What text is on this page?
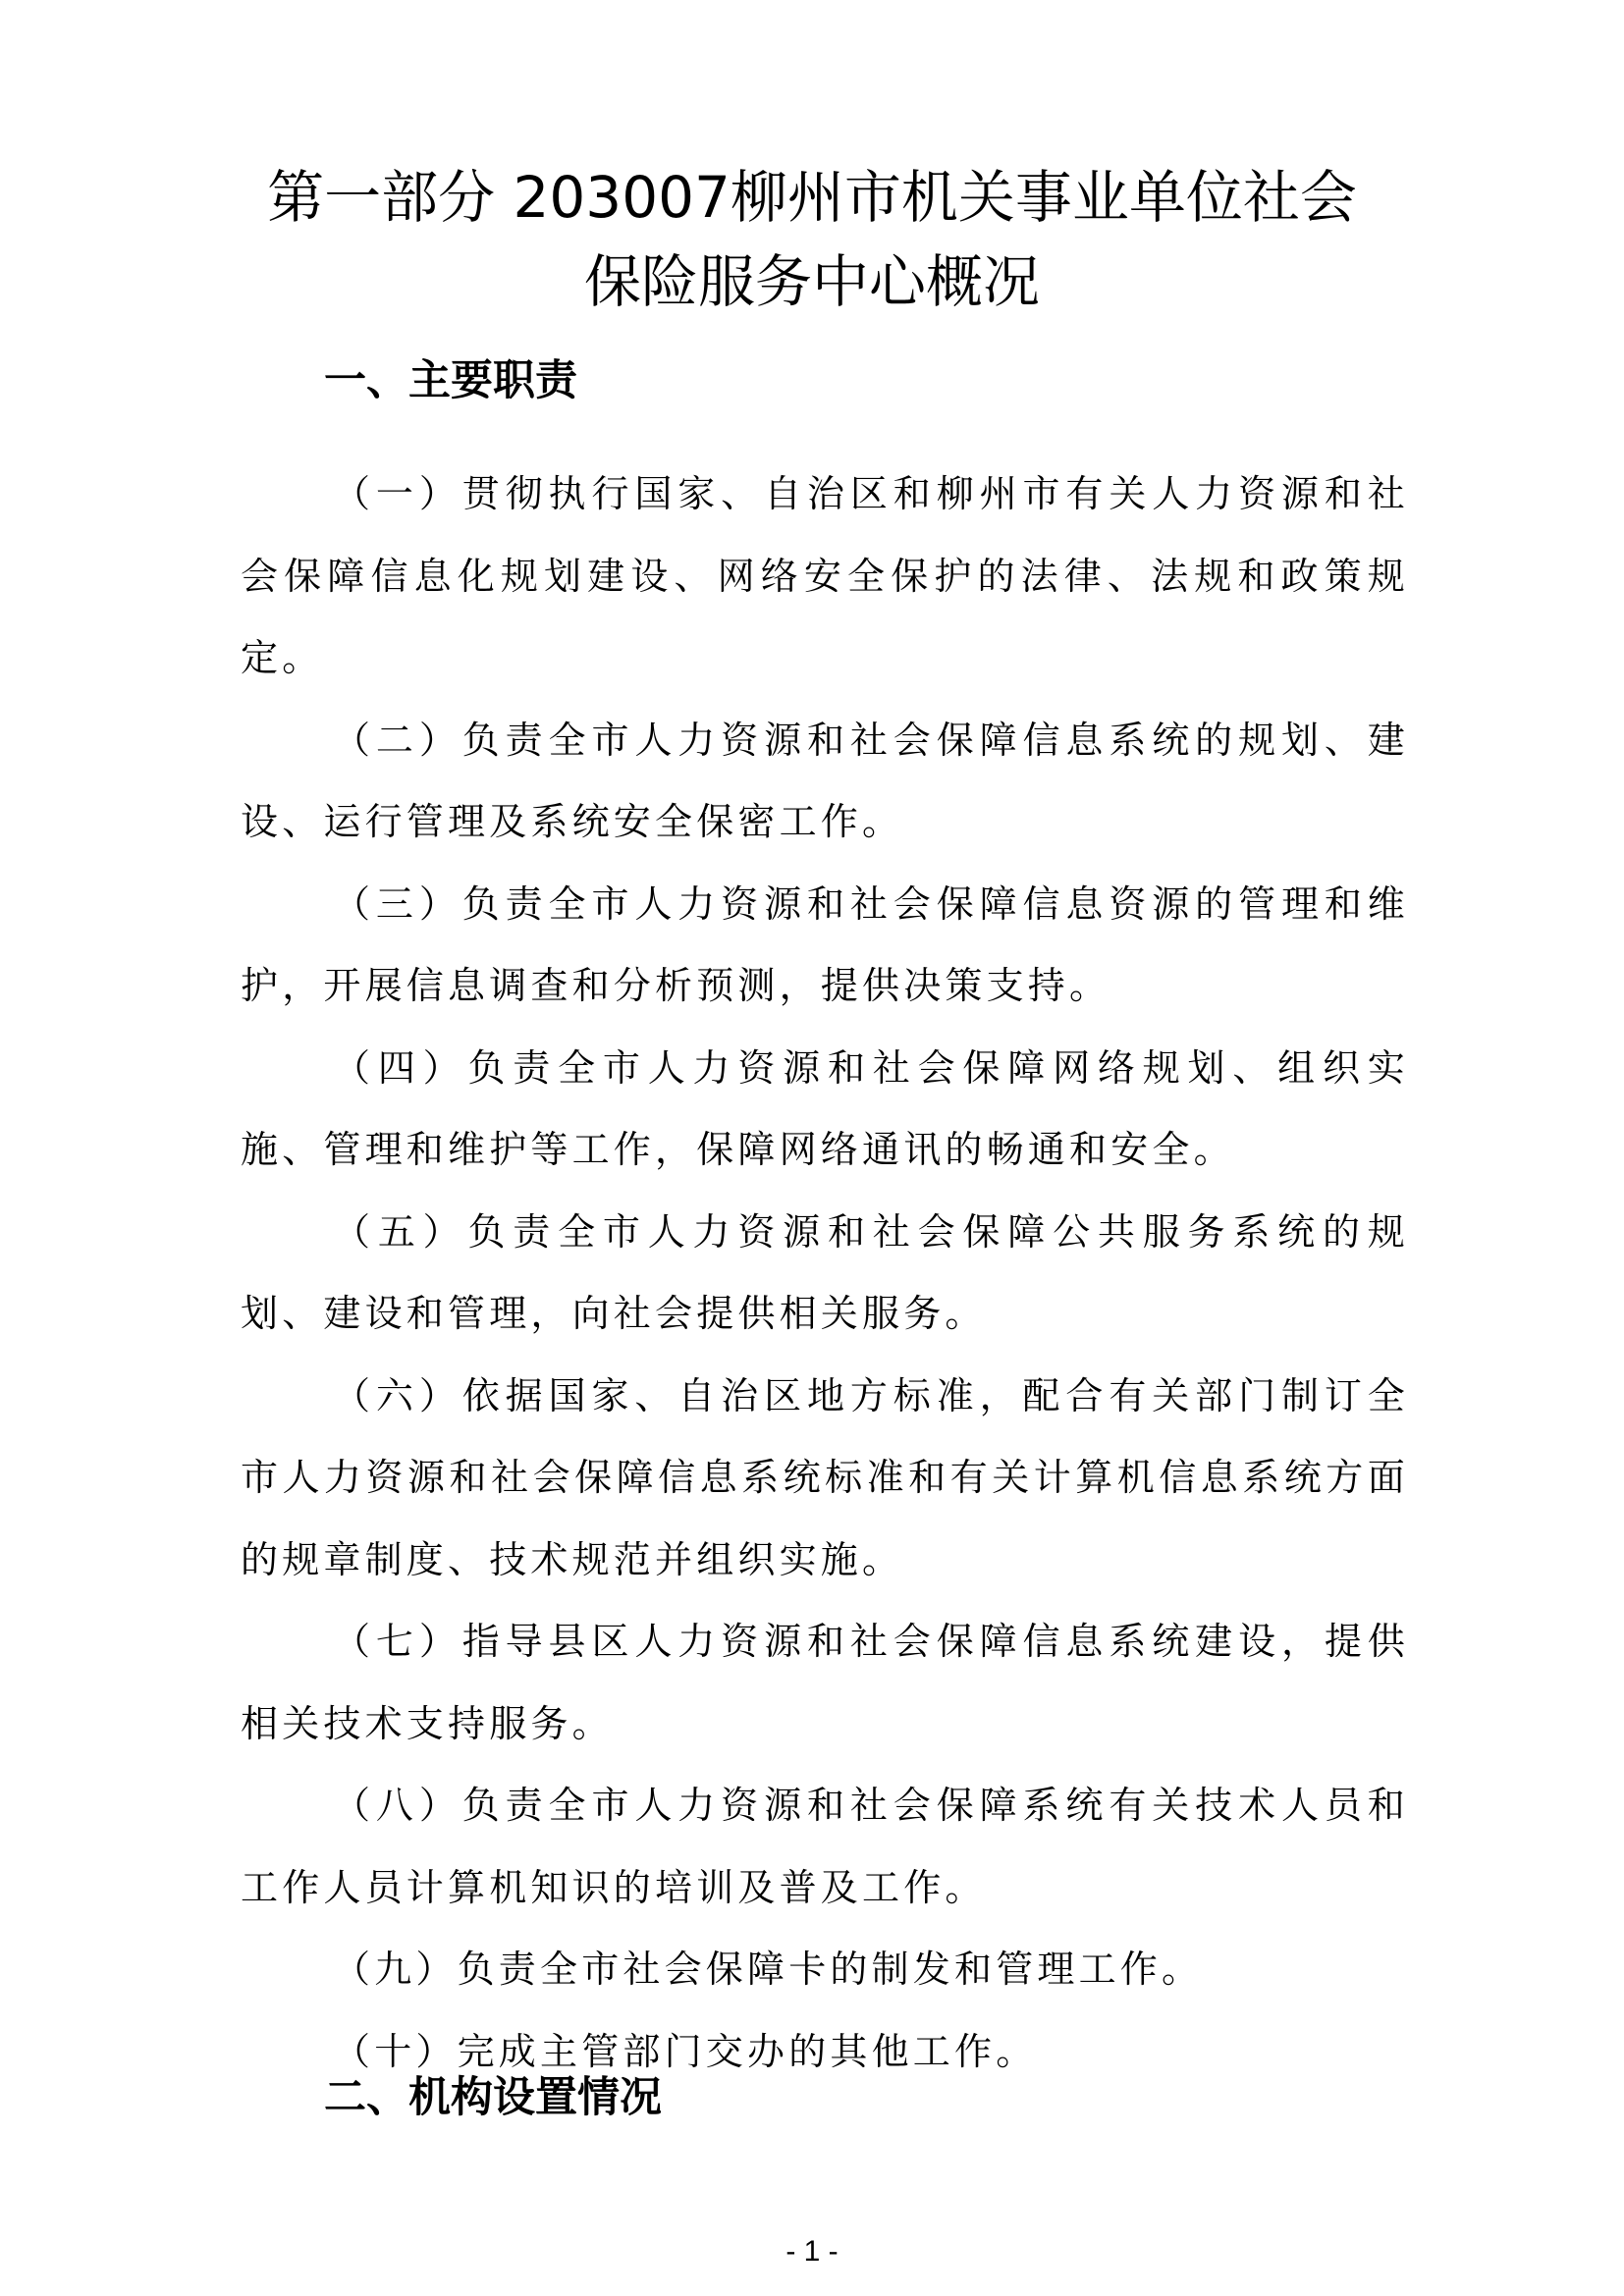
第一部分 203007柳州市机关事业单位社会
保险服务中心概况
一、主要职责

（一）贯彻执行国家、自治区和柳州市有关人力资源和社会保障信息化规划建设、网络安全保护的法律、法规和政策规定。

（二）负责全市人力资源和社会保障信息系统的规划、建设、运行管理及系统安全保密工作。

（三）负责全市人力资源和社会保障信息资源的管理和维护，开展信息调查和分析预测，提供决策支持。

（四）负责全市人力资源和社会保障网络规划、组织实施、管理和维护等工作，保障网络通讯的畅通和安全。

（五）负责全市人力资源和社会保障公共服务系统的规划、建设和管理，向社会提供相关服务。

（六）依据国家、自治区地方标准，配合有关部门制订全市人力资源和社会保障信息系统标准和有关计算机信息系统方面的规章制度、技术规范并组织实施。

（七）指导县区人力资源和社会保障信息系统建设，提供相关技术支持服务。

（八）负责全市人力资源和社会保障系统有关技术人员和工作人员计算机知识的培训及普及工作。

（九）负责全市社会保障卡的制发和管理工作。

（十）完成主管部门交办的其他工作。

二、机构设置情况
- 1 -
